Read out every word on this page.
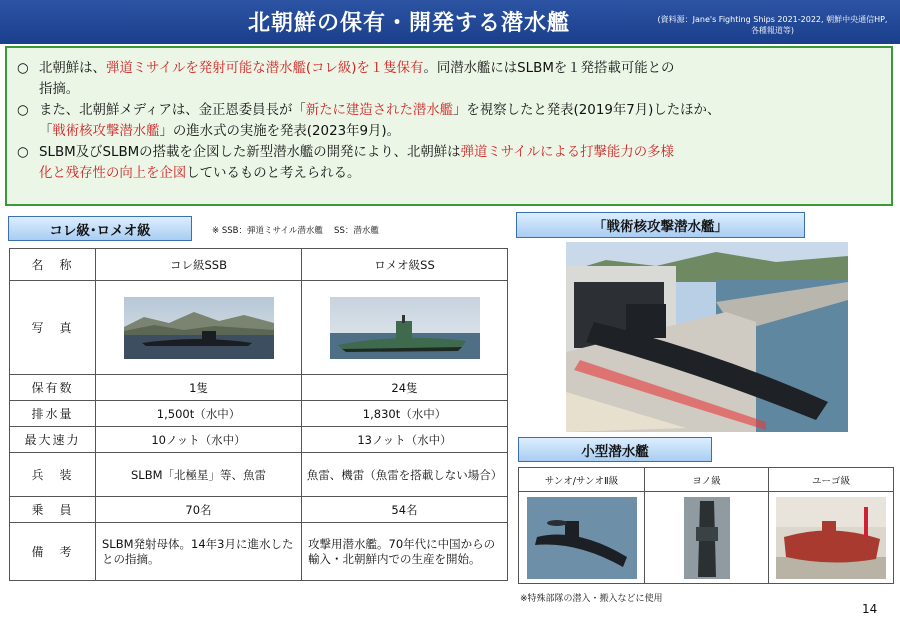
北朝鮮の保有・開発する潜水艦	(資料源：Jane's Fighting Ships 2021-2022, 朝鮮中央通信HP,
各種報道等)
○ 北朝鮮は、弾道ミサイルを発射可能な潜水艦(コレ級)を１隻保有。同潜水艦にはSLBMを１発搭載可能との
指摘。
○ また、北朝鮮メディアは、金正恩委員長が「新たに建造された潜水艦」を視察したと発表(2019年7月)したほか、
「戦術核攻撃潜水艦」の進水式の実施を発表(2023年9月)。
○ SLBM及びSLBMの搭載を企図した新型潜水艦の開発により、北朝鮮は弾道ミサイルによる打撃能力の多様
化と残存性の向上を企図しているものと考えられる。
コレ級･ロメオ級	※ SSB：弾道ミサイル潜水艦　 SS：潜水艦
名　称	コレ級SSB	ロメオ級SS
写　真	

保有数	1隻	24隻
排水量	1,500t（水中）	1,830t（水中）
最大速力	10ノット（水中）	13ノット（水中）
兵　装	SLBM「北極星」等、魚雷	魚雷、機雷（魚雷を搭載しない場合）
乗　員	70名	54名
備　考	SLBM発射母体。14年3月に進水したとの指摘。	攻撃用潜水艦。70年代に中国からの輸入・北朝鮮内での生産を開始。
「戦術核攻撃潜水艦」
小型潜水艦
サンオ/サンオⅡ級	ヨノ級	ユーゴ級

※特殊部隊の潜入・搬入などに使用
14
